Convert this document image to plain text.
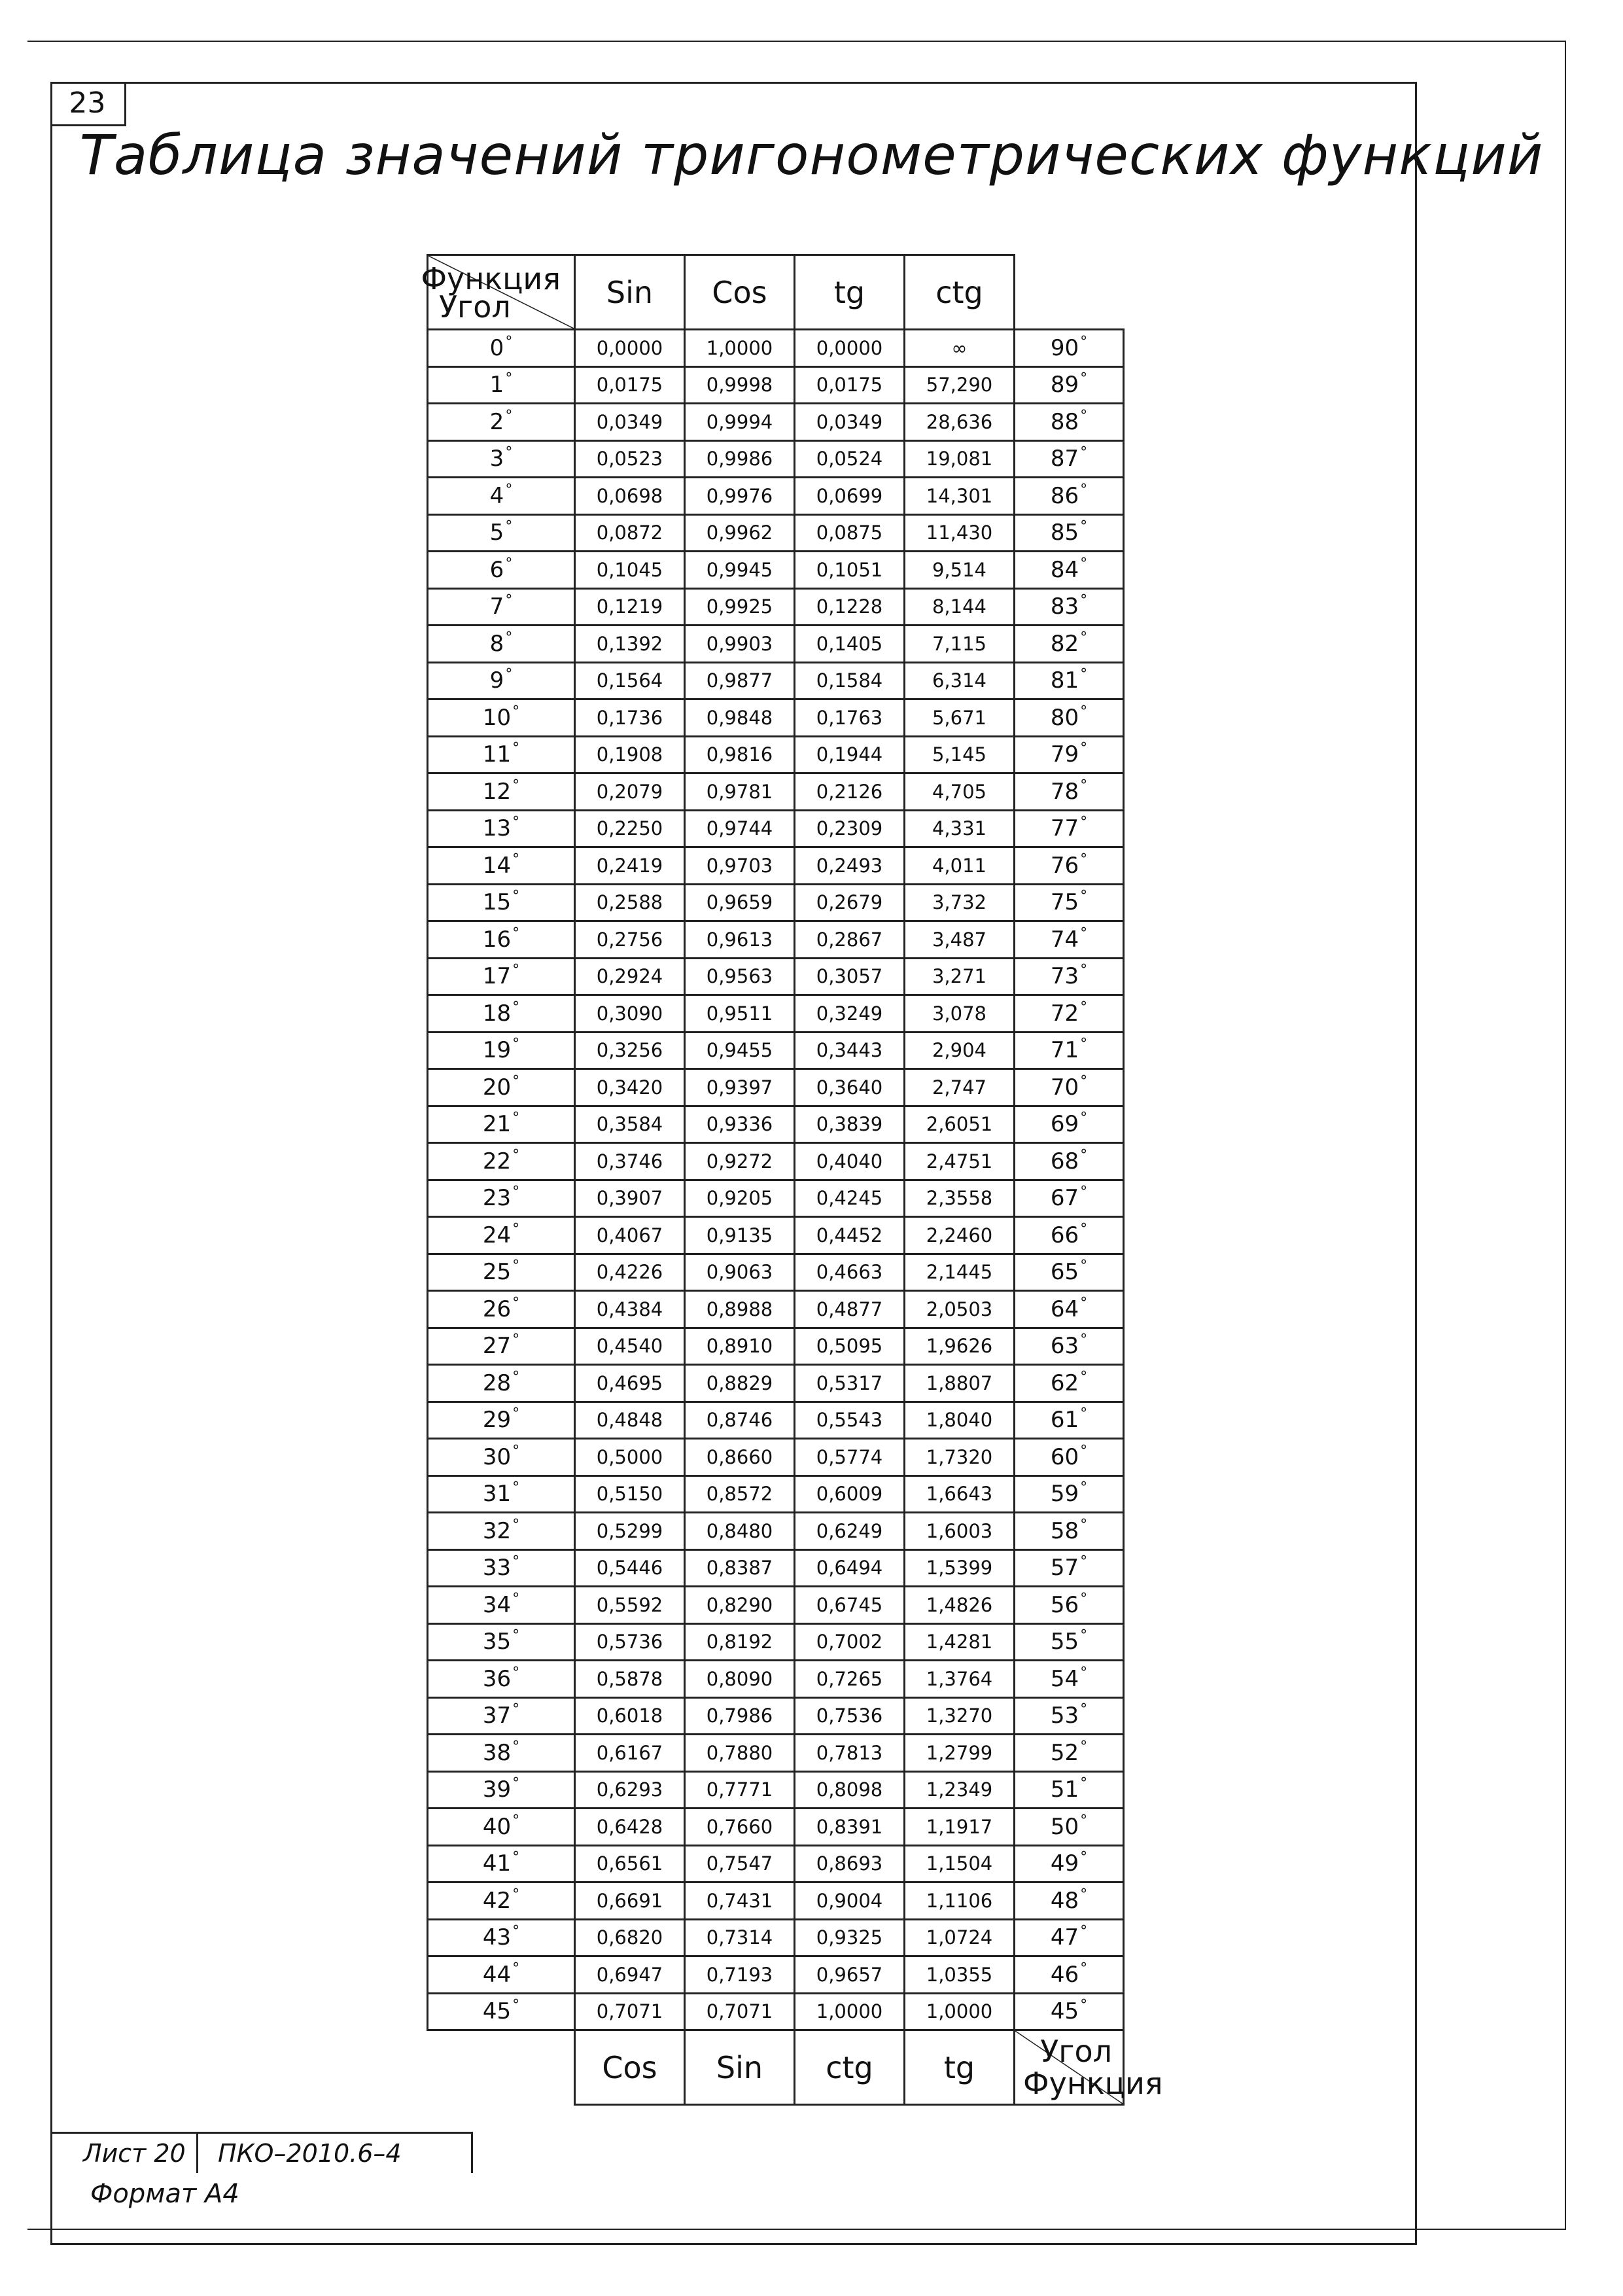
23
Таблица значений тригонометрических функций
Функция
Угол	Sin	Cos	tg	ctg	
0°	0,0000	1,0000	0,0000	∞	90°
1°	0,0175	0,9998	0,0175	57,290	89°
2°	0,0349	0,9994	0,0349	28,636	88°
3°	0,0523	0,9986	0,0524	19,081	87°
4°	0,0698	0,9976	0,0699	14,301	86°
5°	0,0872	0,9962	0,0875	11,430	85°
6°	0,1045	0,9945	0,1051	9,514	84°
7°	0,1219	0,9925	0,1228	8,144	83°
8°	0,1392	0,9903	0,1405	7,115	82°
9°	0,1564	0,9877	0,1584	6,314	81°
10°	0,1736	0,9848	0,1763	5,671	80°
11°	0,1908	0,9816	0,1944	5,145	79°
12°	0,2079	0,9781	0,2126	4,705	78°
13°	0,2250	0,9744	0,2309	4,331	77°
14°	0,2419	0,9703	0,2493	4,011	76°
15°	0,2588	0,9659	0,2679	3,732	75°
16°	0,2756	0,9613	0,2867	3,487	74°
17°	0,2924	0,9563	0,3057	3,271	73°
18°	0,3090	0,9511	0,3249	3,078	72°
19°	0,3256	0,9455	0,3443	2,904	71°
20°	0,3420	0,9397	0,3640	2,747	70°
21°	0,3584	0,9336	0,3839	2,6051	69°
22°	0,3746	0,9272	0,4040	2,4751	68°
23°	0,3907	0,9205	0,4245	2,3558	67°
24°	0,4067	0,9135	0,4452	2,2460	66°
25°	0,4226	0,9063	0,4663	2,1445	65°
26°	0,4384	0,8988	0,4877	2,0503	64°
27°	0,4540	0,8910	0,5095	1,9626	63°
28°	0,4695	0,8829	0,5317	1,8807	62°
29°	0,4848	0,8746	0,5543	1,8040	61°
30°	0,5000	0,8660	0,5774	1,7320	60°
31°	0,5150	0,8572	0,6009	1,6643	59°
32°	0,5299	0,8480	0,6249	1,6003	58°
33°	0,5446	0,8387	0,6494	1,5399	57°
34°	0,5592	0,8290	0,6745	1,4826	56°
35°	0,5736	0,8192	0,7002	1,4281	55°
36°	0,5878	0,8090	0,7265	1,3764	54°
37°	0,6018	0,7986	0,7536	1,3270	53°
38°	0,6167	0,7880	0,7813	1,2799	52°
39°	0,6293	0,7771	0,8098	1,2349	51°
40°	0,6428	0,7660	0,8391	1,1917	50°
41°	0,6561	0,7547	0,8693	1,1504	49°
42°	0,6691	0,7431	0,9004	1,1106	48°
43°	0,6820	0,7314	0,9325	1,0724	47°
44°	0,6947	0,7193	0,9657	1,0355	46°
45°	0,7071	0,7071	1,0000	1,0000	45°
	Cos	Sin	ctg	tg	Угол
Функция
Лист 20	ПКО–2010.6–4
Формат А4
